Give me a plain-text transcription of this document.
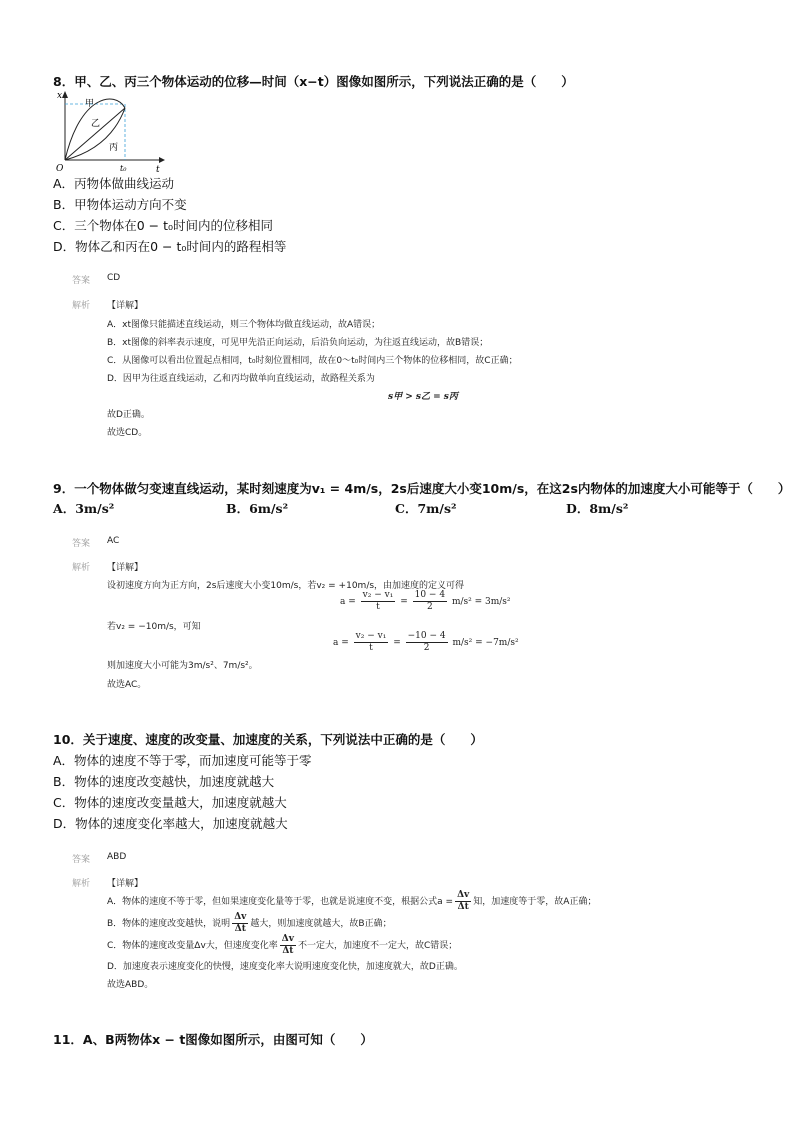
8．甲、乙、丙三个物体运动的位移—时间（x−t）图像如图所示，下列说法正确的是（　　）
x
t
O	t₀
甲
乙
丙
A．丙物体做曲线运动
B．甲物体运动方向不变
C．三个物体在0 − t₀时间内的位移相同
D．物体乙和丙在0 − t₀时间内的路程相等
答案 CD
解析 【详解】
A．xt图像只能描述直线运动，则三个物体均做直线运动，故A错误；
B．xt图像的斜率表示速度，可见甲先沿正向运动，后沿负向运动，为往返直线运动，故B错误；
C．从图像可以看出位置起点相同，t₀时刻位置相同，故在0～t₀时间内三个物体的位移相同，故C正确；
D．因甲为往返直线运动，乙和丙均做单向直线运动，故路程关系为
s甲 > s乙 = s丙
故D正确。
故选CD。
9．一个物体做匀变速直线运动，某时刻速度为v₁ = 4m/s，2s后速度大小变10m/s，在这2s内物体的加速度大小可能等于（　　）
A．3m/s²	B．6m/s²	C．7m/s²	D．8m/s²
答案 AC
解析 【详解】
设初速度方向为正方向，2s后速度大小变10m/s，若v₂ = +10m/s，由加速度的定义可得
$a = \frac{\text{v₂ − v₁}}{t} = \frac{10 - 4}{2} m/s^2 = 3m/s^2$
若v₂ = −10m/s，可知
$a = \frac{\text{v₂ − v₁}}{t} = \frac{-10 - 4}{2} m/s^2 = -7m/s^2$
则加速度大小可能为3m/s²、7m/s²。
故选AC。
10．关于速度、速度的改变量、加速度的关系，下列说法中正确的是（　　）
A．物体的速度不等于零，而加速度可能等于零
B．物体的速度改变越快，加速度就越大
C．物体的速度改变量越大，加速度就越大
D．物体的速度变化率越大，加速度就越大
答案 ABD
解析 【详解】
A．物体的速度不等于零，但如果速度变化量等于零，也就是说速度不变，根据公式$a = \frac{\Delta v}{\Delta t}$ 知，加速度等于零，故A正确；
B．物体的速度改变越快，说明 $\frac{\Delta v}{\Delta t}$ 越大，则加速度就越大，故B正确；
C．物体的速度改变量Δv大，但速度变化率 $\frac{\Delta v}{\Delta t}$ 不一定大，加速度不一定大，故C错误；
D．加速度表示速度变化的快慢，速度变化率大说明速度变化快，加速度就大，故D正确。
故选ABD。
11．A、B两物体x − t图像如图所示，由图可知（　　）
